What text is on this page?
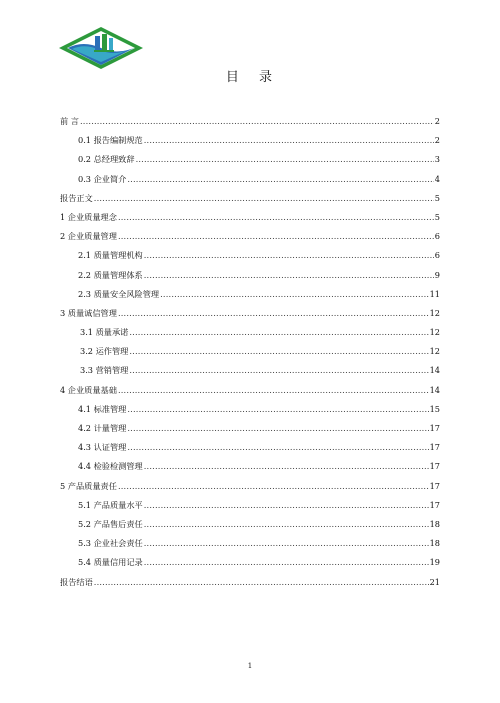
目 录
前 言 .....	2
0.1 报告编制规范 .....	2
0.2 总经理致辞 .....	3
0.3 企业简介 .....	4
报告正文 .....	5
1 企业质量理念 .....	5
2 企业质量管理 .....	6
2.1 质量管理机构 .....	6
2.2 质量管理体系 .....	9
2.3 质量安全风险管理 .....	11
3 质量诚信管理 .....	12
3.1 质量承诺 .....	12
3.2 运作管理 .....	12
3.3 营销管理 .....	14
4 企业质量基础 .....	14
4.1 标准管理 .....	15
4.2 计量管理 .....	17
4.3 认证管理 .....	17
4.4 检验检测管理 .....	17
5 产品质量责任 .....	17
5.1 产品质量水平 .....	17
5.2 产品售后责任 .....	18
5.3 企业社会责任 .....	18
5.4 质量信用记录 .....	19
报告结语 .....	21
1
